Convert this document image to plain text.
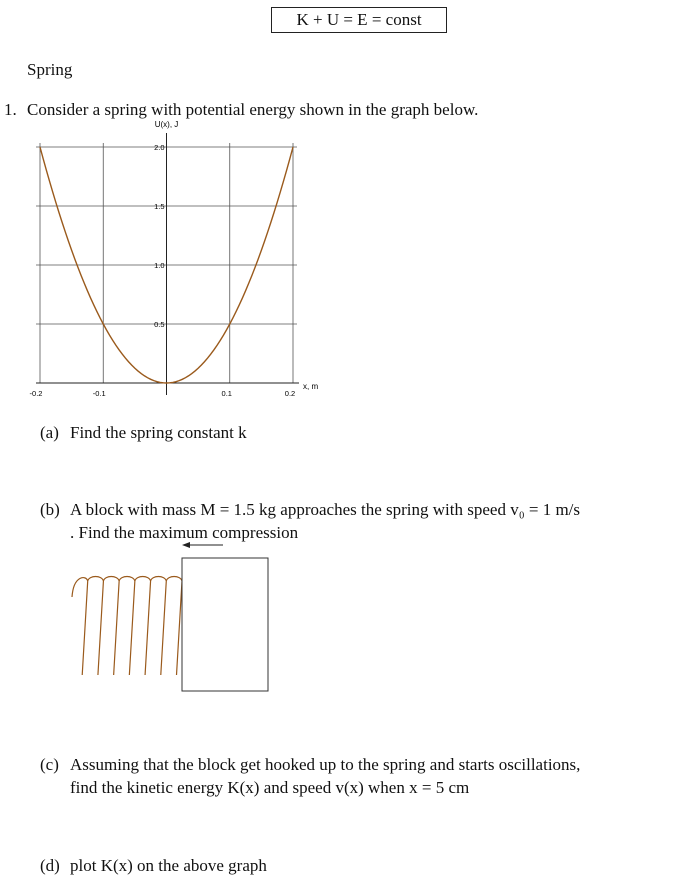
K + U = E = const
Spring
1. Consider a spring with potential energy shown in the graph below.
-0.2	-0.1	0.1	0.2
0.5
1.0
1.5
2.0
U(x), J
x, m
(a) Find the spring constant k
(b) A block with mass M = 1.5 kg approaches the spring with speed v₀ = 1 m/s
. Find the maximum compression
(c) Assuming that the block get hooked up to the spring and starts oscillations,
find the kinetic energy K(x) and speed v(x) when x = 5 cm
(d) plot K(x) on the above graph
